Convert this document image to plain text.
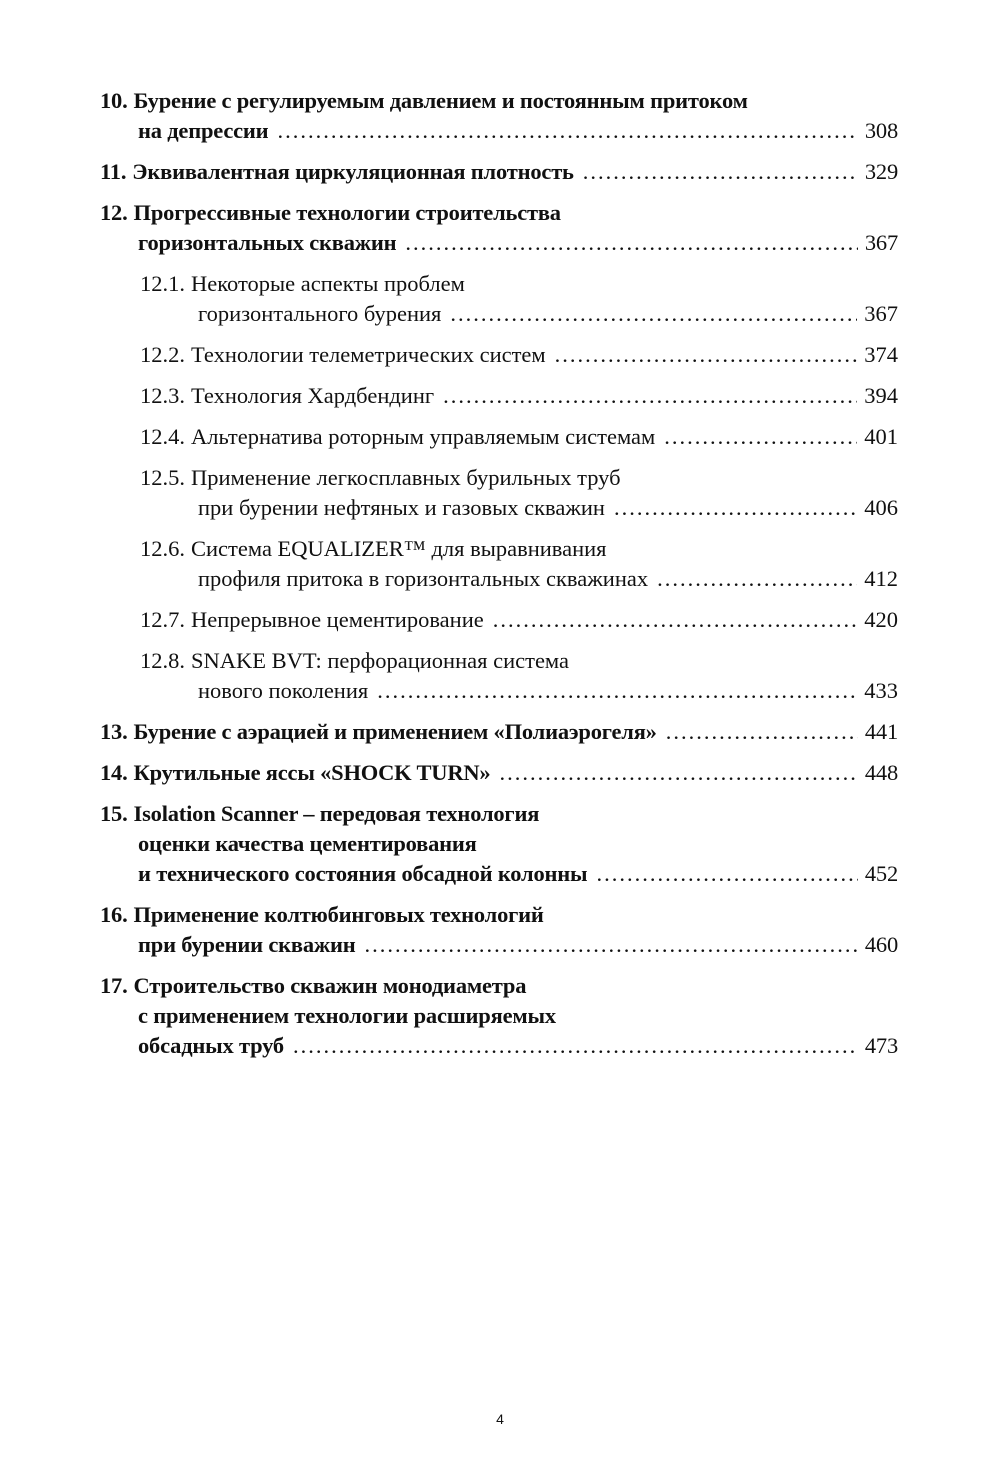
10. Бурение с регулируемым давлением и постоянным притоком
на депрессии .....	308
11. Эквивалентная циркуляционная плотность .....	329
12. Прогрессивные технологии строительства
горизонтальных скважин .....	367
12.1. Некоторые аспекты проблем
горизонтального бурения .....	367
12.2. Технологии телеметрических систем .....	374
12.3. Технология Хардбендинг .....	394
12.4. Альтернатива роторным управляемым системам .....	401
12.5. Применение легкосплавных бурильных труб
при бурении нефтяных и газовых скважин .....	406
12.6. Система EQUALIZER™ для выравнивания
профиля притока в горизонтальных скважинах .....	412
12.7. Непрерывное цементирование .....	420
12.8. SNAKE BVT: перфорационная система
нового поколения .....	433
13. Бурение с аэрацией и применением «Полиаэрогеля» .....	441
14. Крутильные яссы «SHOCK TURN» .....	448
15. Isolation Scanner – передовая технология
оценки качества цементирования
и технического состояния обсадной колонны .....	452
16. Применение колтюбинговых технологий
при бурении скважин .....	460
17. Строительство скважин монодиаметра
с применением технологии расширяемых
обсадных труб .....	473
4
